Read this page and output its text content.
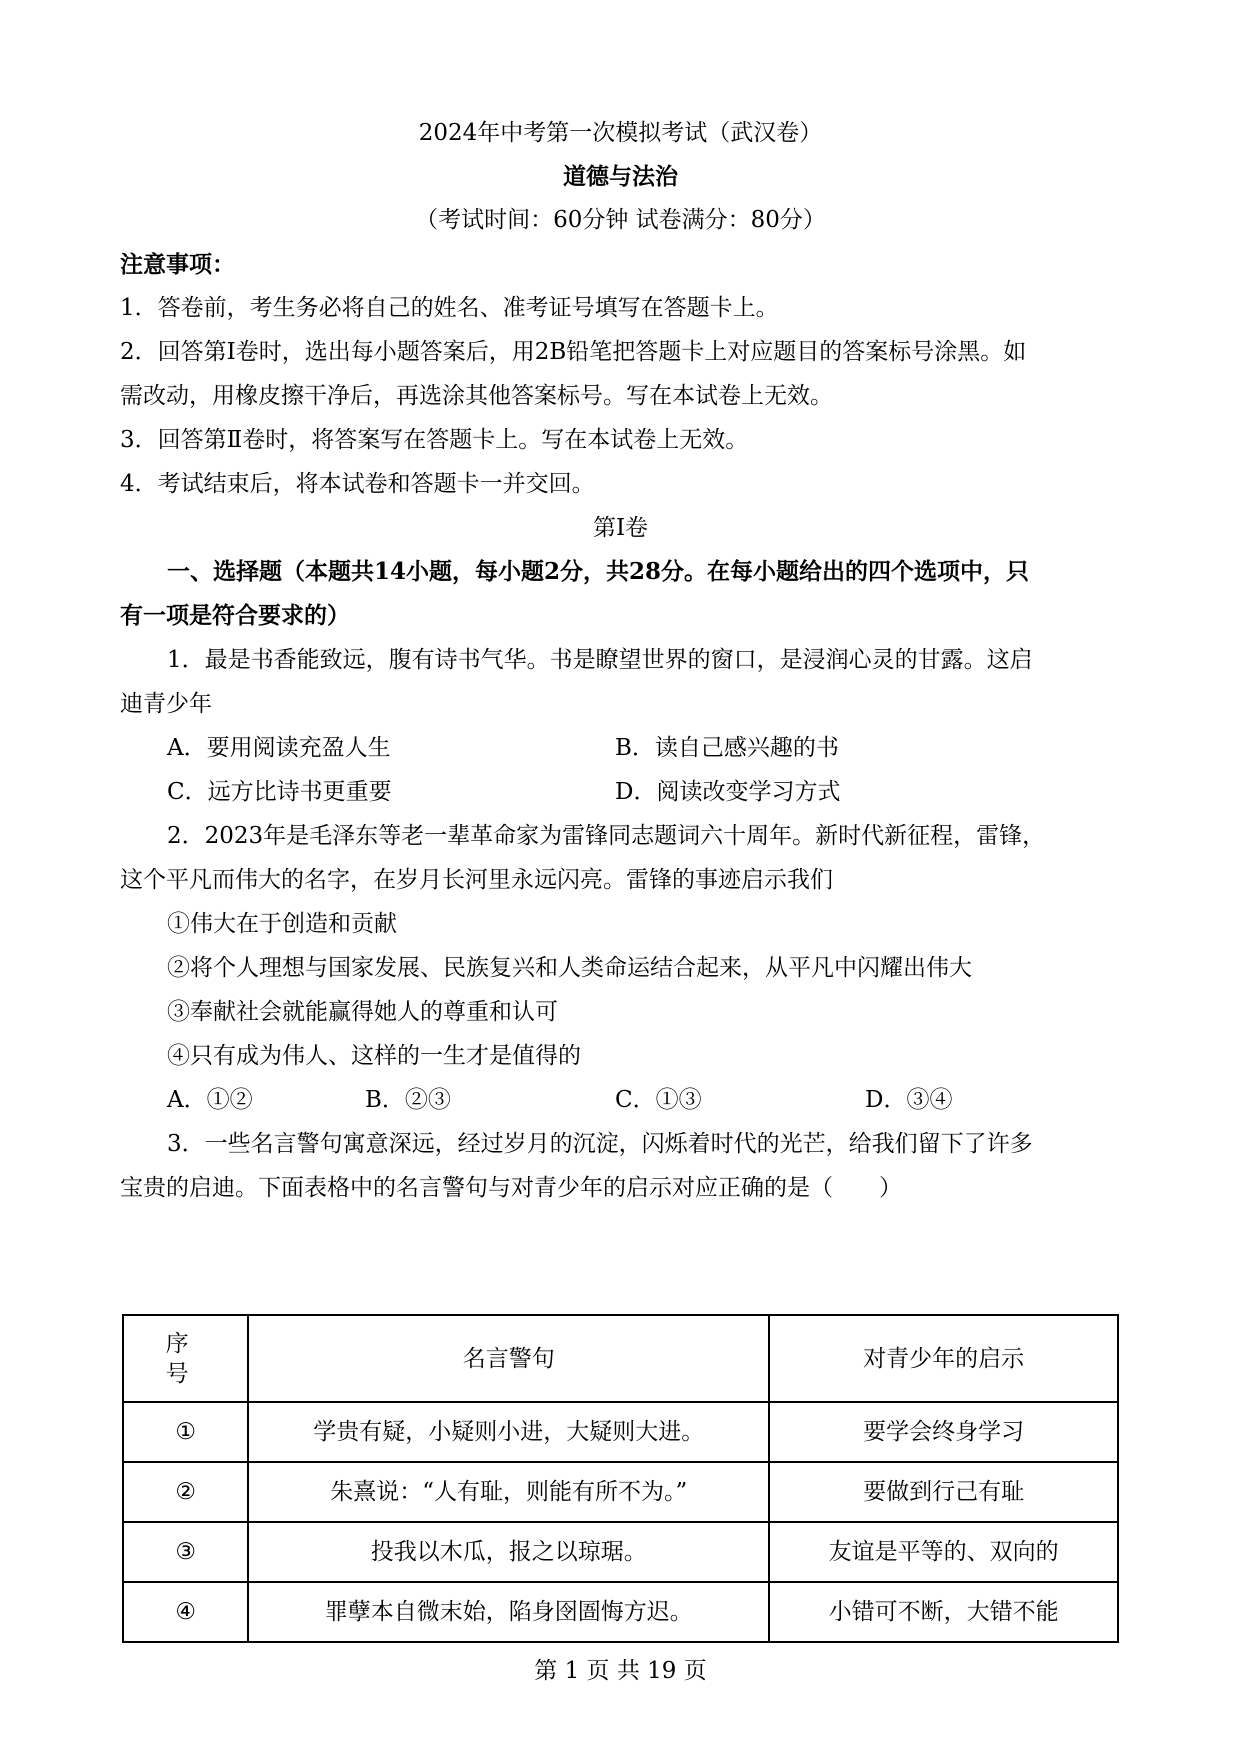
2024年中考第一次模拟考试（武汉卷）
道德与法治
（考试时间：60分钟 试卷满分：80分）
注意事项：
1．答卷前，考生务必将自己的姓名、准考证号填写在答题卡上。
2．回答第Ⅰ卷时，选出每小题答案后，用2B铅笔把答题卡上对应题目的答案标号涂黑。如
需改动，用橡皮擦干净后，再选涂其他答案标号。写在本试卷上无效。
3．回答第Ⅱ卷时，将答案写在答题卡上。写在本试卷上无效。
4．考试结束后，将本试卷和答题卡一并交回。
第Ⅰ卷
一、选择题（本题共14小题，每小题2分，共28分。在每小题给出的四个选项中，只
有一项是符合要求的）
1．最是书香能致远，腹有诗书气华。书是瞭望世界的窗口，是浸润心灵的甘露。这启
迪青少年
A．要用阅读充盈人生	B．读自己感兴趣的书
C．远方比诗书更重要	D．阅读改变学习方式
2．2023年是毛泽东等老一辈革命家为雷锋同志题词六十周年。新时代新征程，雷锋，
这个平凡而伟大的名字，在岁月长河里永远闪亮。雷锋的事迹启示我们
①伟大在于创造和贡献
②将个人理想与国家发展、民族复兴和人类命运结合起来，从平凡中闪耀出伟大
③奉献社会就能赢得她人的尊重和认可
④只有成为伟人、这样的一生才是值得的
A．①②	B．②③	C．①③	D．③④
3．一些名言警句寓意深远，经过岁月的沉淀，闪烁着时代的光芒，给我们留下了许多
宝贵的启迪。下面表格中的名言警句与对青少年的启示对应正确的是（　　）
序号	名言警句	对青少年的启示
①	学贵有疑，小疑则小进，大疑则大进。	要学会终身学习
②	朱熹说：“人有耻，则能有所不为。”	要做到行己有耻
③	投我以木瓜，报之以琼琚。	友谊是平等的、双向的
④	罪孽本自微末始，陷身囹圄悔方迟。	小错可不断，大错不能
第 1 页 共 19 页
